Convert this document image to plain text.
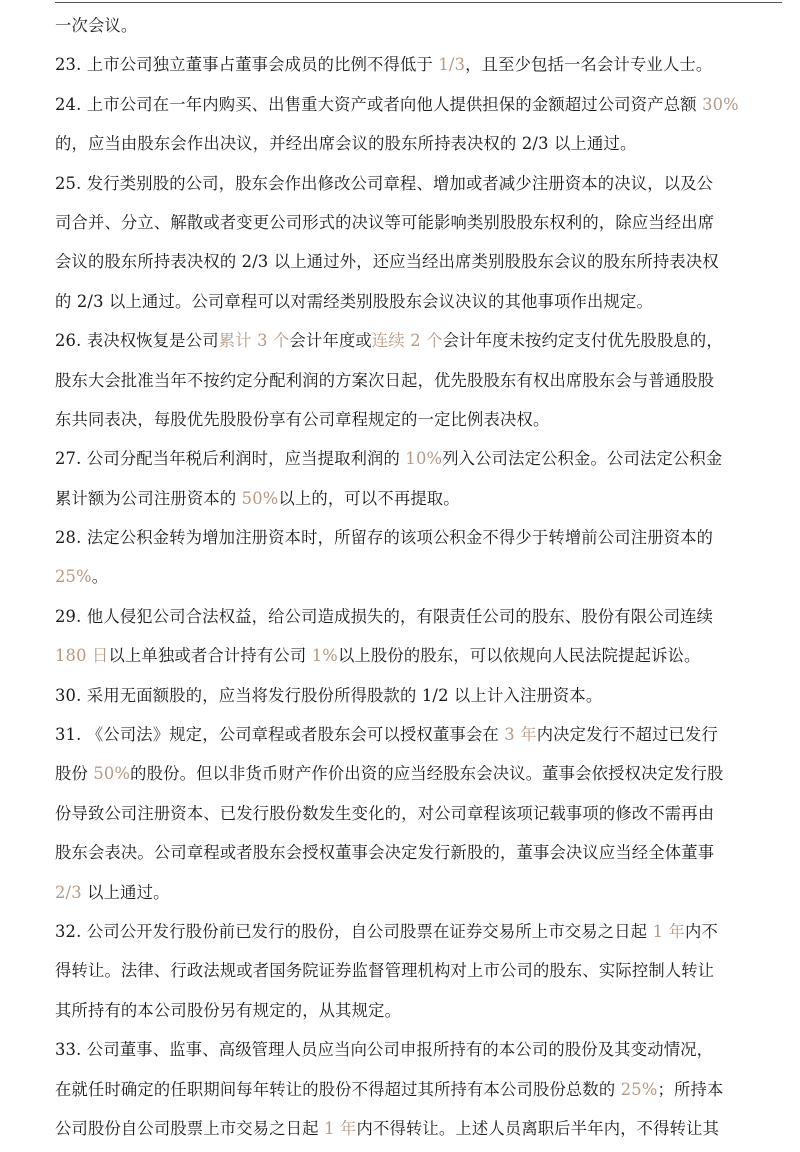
一次会议。
23. 上市公司独立董事占董事会成员的比例不得低于 1/3，且至少包括一名会计专业人士。
24. 上市公司在一年内购买、出售重大资产或者向他人提供担保的金额超过公司资产总额 30%
的，应当由股东会作出决议，并经出席会议的股东所持表决权的 2/3 以上通过。
25. 发行类别股的公司，股东会作出修改公司章程、增加或者减少注册资本的决议，以及公
司合并、分立、解散或者变更公司形式的决议等可能影响类别股股东权利的，除应当经出席
会议的股东所持表决权的 2/3 以上通过外，还应当经出席类别股股东会议的股东所持表决权
的 2/3 以上通过。公司章程可以对需经类别股股东会议决议的其他事项作出规定。
26. 表决权恢复是公司累计 3 个会计年度或连续 2 个会计年度未按约定支付优先股股息的，
股东大会批准当年不按约定分配利润的方案次日起，优先股股东有权出席股东会与普通股股
东共同表决，每股优先股股份享有公司章程规定的一定比例表决权。
27. 公司分配当年税后利润时，应当提取利润的 10%列入公司法定公积金。公司法定公积金
累计额为公司注册资本的 50%以上的，可以不再提取。
28. 法定公积金转为增加注册资本时，所留存的该项公积金不得少于转增前公司注册资本的
25%。
29. 他人侵犯公司合法权益，给公司造成损失的，有限责任公司的股东、股份有限公司连续
180 日以上单独或者合计持有公司 1%以上股份的股东，可以依规向人民法院提起诉讼。
30. 采用无面额股的，应当将发行股份所得股款的 1/2 以上计入注册资本。
31. 《公司法》规定，公司章程或者股东会可以授权董事会在 3 年内决定发行不超过已发行
股份 50%的股份。但以非货币财产作价出资的应当经股东会决议。董事会依授权决定发行股
份导致公司注册资本、已发行股份数发生变化的，对公司章程该项记载事项的修改不需再由
股东会表决。公司章程或者股东会授权董事会决定发行新股的，董事会决议应当经全体董事
2/3 以上通过。
32. 公司公开发行股份前已发行的股份，自公司股票在证券交易所上市交易之日起 1 年内不
得转让。法律、行政法规或者国务院证券监督管理机构对上市公司的股东、实际控制人转让
其所持有的本公司股份另有规定的，从其规定。
33. 公司董事、监事、高级管理人员应当向公司申报所持有的本公司的股份及其变动情况，
在就任时确定的任职期间每年转让的股份不得超过其所持有本公司股份总数的 25%；所持本
公司股份自公司股票上市交易之日起 1 年内不得转让。上述人员离职后半年内，不得转让其
